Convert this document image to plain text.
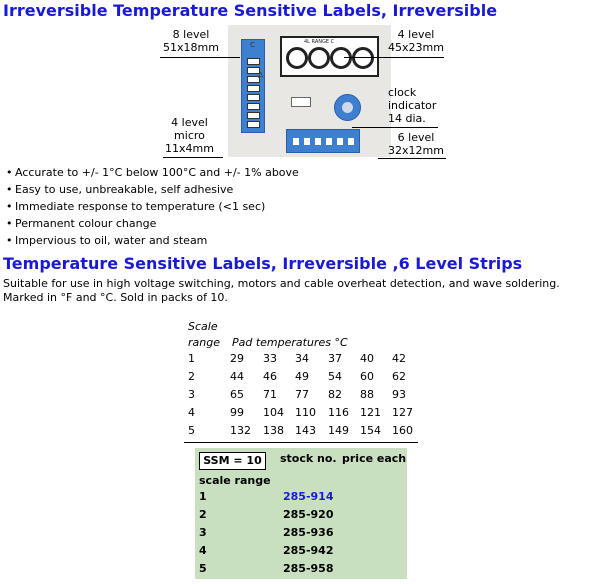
Irreversible Temperature Sensitive Labels, Irreversible
C
A
4L RANGE C
8 level
51x18mm
4 level
45x23mm
clock
indicator
14 dia.
4 level
micro
11x4mm
6 level
32x12mm
• Accurate to +/- 1°C below 100°C and +/- 1% above
• Easy to use, unbreakable, self adhesive
• Immediate response to temperature (<1 sec)
• Permanent colour change
• Impervious to oil, water and steam
Temperature Sensitive Labels, Irreversible ,6 Level Strips
Suitable for use in high voltage switching, motors and cable overheat detection, and wave soldering. Marked in °F and °C. Sold in packs of 10.
Scale
range Pad temperatures °C
1	29 33 34 37 40 42
2	44 46 49 54 60 62
3	65 71 77 82 88 93
4	99 104 110 116 121 127
5	132 138 143 149 154 160
SSM = 10	stock no. price each
scale range
1	285-914
2	285-920
3	285-936
4	285-942
5	285-958
